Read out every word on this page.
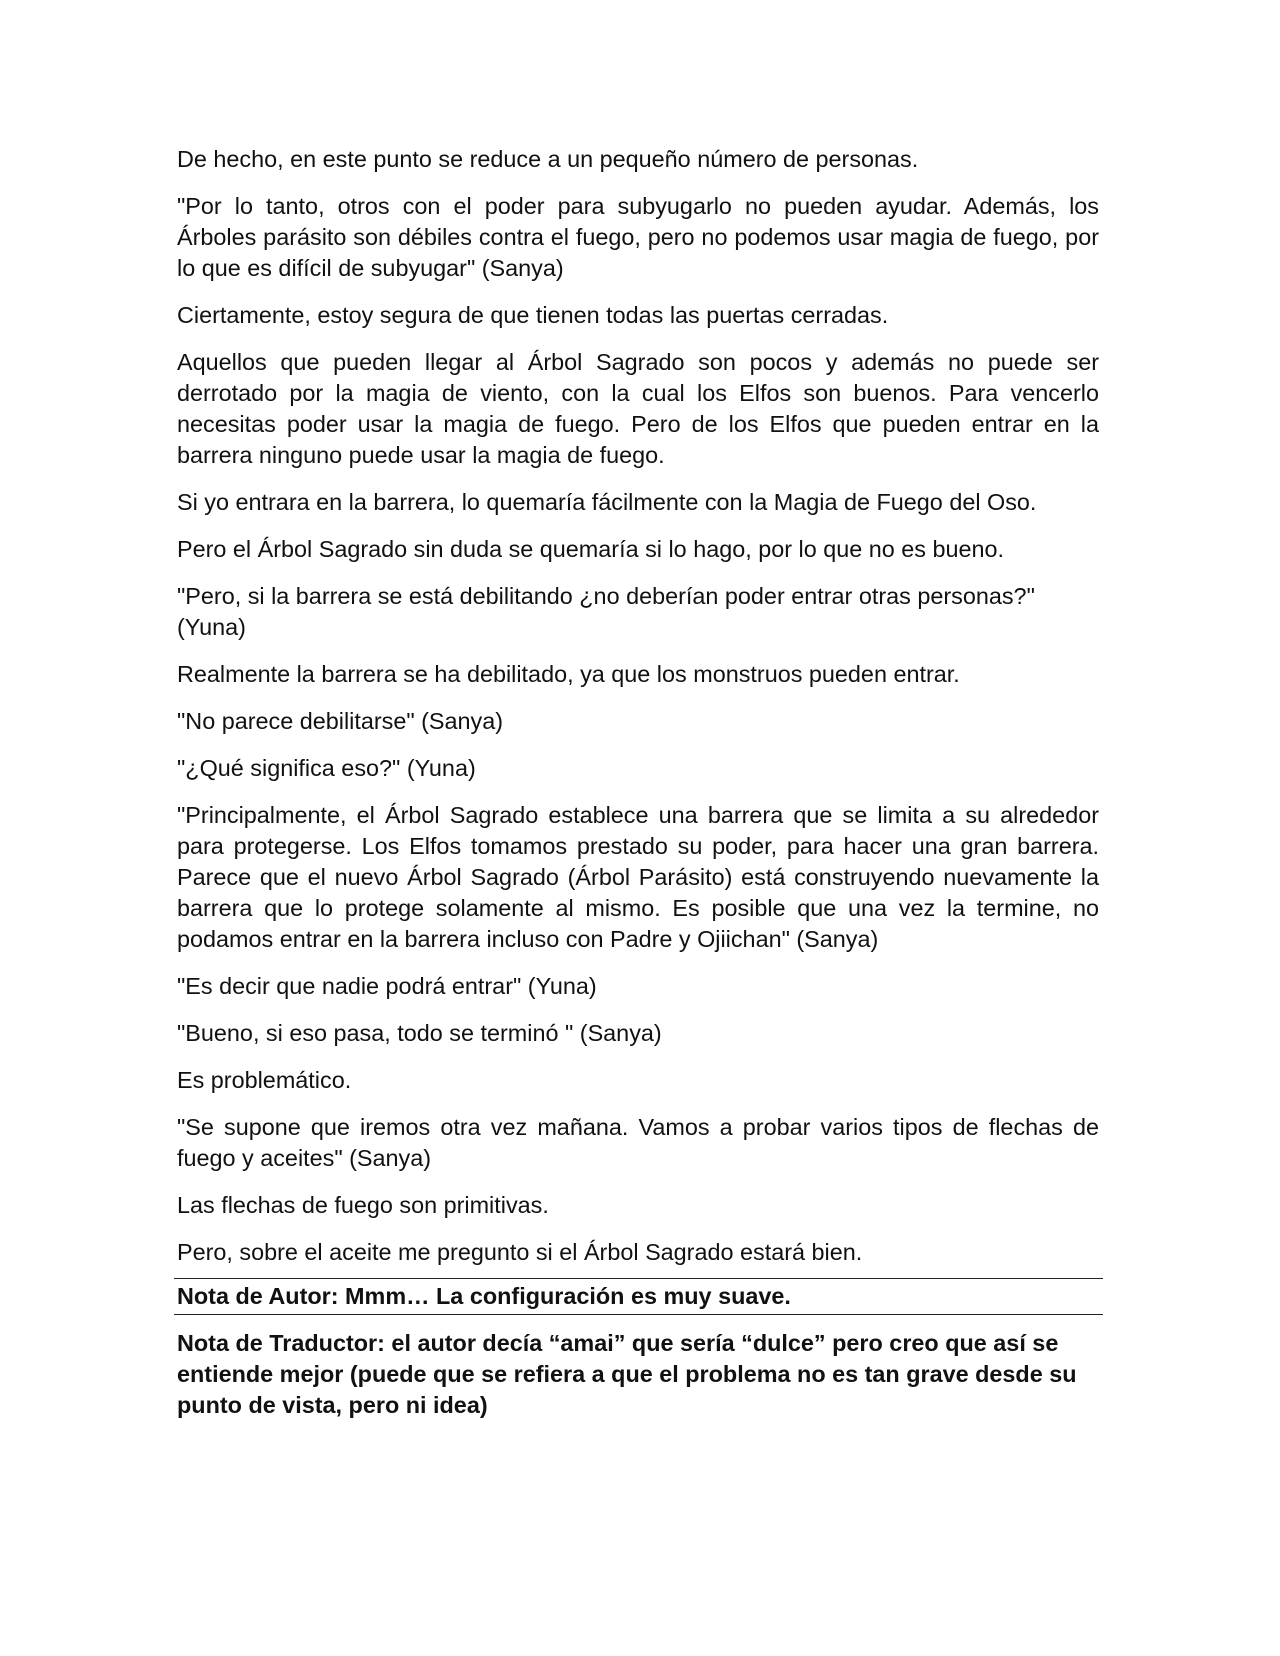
De hecho, en este punto se reduce a un pequeño número de personas.

"Por lo tanto, otros con el poder para subyugarlo no pueden ayudar. Además, los Árboles parásito son débiles contra el fuego, pero no podemos usar magia de fuego, por lo que es difícil de subyugar" (Sanya)

Ciertamente, estoy segura de que tienen todas las puertas cerradas.

Aquellos que pueden llegar al Árbol Sagrado son pocos y además no puede ser derrotado por la magia de viento, con la cual los Elfos son buenos. Para vencerlo necesitas poder usar la magia de fuego. Pero de los Elfos que pueden entrar en la barrera ninguno puede usar la magia de fuego.

Si yo entrara en la barrera, lo quemaría fácilmente con la Magia de Fuego del Oso.

Pero el Árbol Sagrado sin duda se quemaría si lo hago, por lo que no es bueno.

"Pero, si la barrera se está debilitando ¿no deberían poder entrar otras personas?" (Yuna)

Realmente la barrera se ha debilitado, ya que los monstruos pueden entrar.

"No parece debilitarse" (Sanya)

"¿Qué significa eso?" (Yuna)

"Principalmente, el Árbol Sagrado establece una barrera que se limita a su alrededor para protegerse. Los Elfos tomamos prestado su poder, para hacer una gran barrera. Parece que el nuevo Árbol Sagrado (Árbol Parásito) está construyendo nuevamente la barrera que lo protege solamente al mismo. Es posible que una vez la termine, no podamos entrar en la barrera incluso con Padre y Ojiichan" (Sanya)

"Es decir que nadie podrá entrar" (Yuna)

"Bueno, si eso pasa, todo se terminó " (Sanya)

Es problemático.

"Se supone que iremos otra vez mañana. Vamos a probar varios tipos de flechas de fuego y aceites" (Sanya)

Las flechas de fuego son primitivas.

Pero, sobre el aceite me pregunto si el Árbol Sagrado estará bien.

Nota de Autor: Mmm… La configuración es muy suave.

Nota de Traductor: el autor decía “amai” que sería “dulce” pero creo que así se entiende mejor (puede que se refiera a que el problema no es tan grave desde su punto de vista, pero ni idea)
